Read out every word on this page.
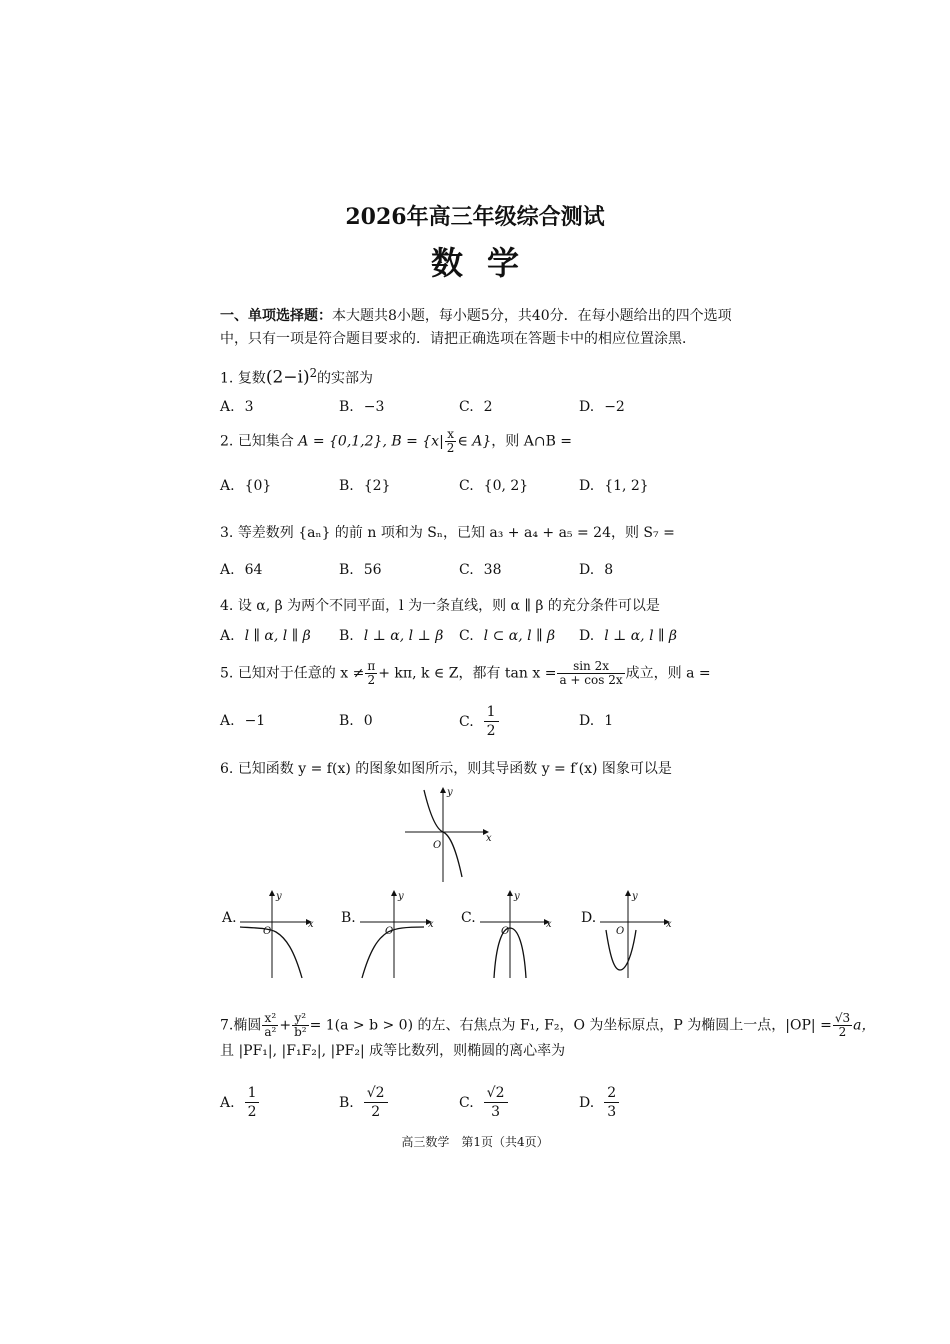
2026年高三年级综合测试
数学
一、单项选择题：本大题共8小题，每小题5分，共40分．在每小题给出的四个选项中，只有一项是符合题目要求的．请把正确选项在答题卡中的相应位置涂黑．
1. 复数$(2-i)^2$的实部为
A. 3	B. −3	C. 2	D. −2
2. 已知集合 A = {0,1,2}, $B = \{x| \frac{x}{2}$ ∈ A}，则 A∩B =
A. {0}	B. {2}	C. {0, 2}	D. {1, 2}
3. 等差数列 {aₙ} 的前 n 项和为 Sₙ，已知 a₃ + a₄ + a₅ = 24，则 S₇ =
A. 64	B. 56	C. 38	D. 8
4. 设 α, β 为两个不同平面，l 为一条直线，则 α ∥ β 的充分条件可以是
A. l ∥ α, l ∥ β B. l ⊥ α, l ⊥ β C. l ⊂ α, l ∥ β D. l ⊥ α, l ∥ β
5. 已知对于任意的 $x \ne \frac{\pi}{2} + k\pi$, k ∈ Z，都有 $\tan x = \frac{\sin 2x}{a + \cos 2x}$ 成立，则 a =
A. −1	B. 0	C. $\frac{1}{2}$	D. 1
6. 已知函数 y = f(x) 的图象如图所示，则其导函数 y = f′(x) 图象可以是
x
y
O
A.	x
y
O
B.	x
y
O
C.	x
y
O
D.	x
y
O
7.椭圆 $\frac{\text{x²}}{\text{a²}} + \frac{\text{y²}}{\text{b²}} = 1(a > b > 0)$ 的左、右焦点为 F₁, F₂，O 为坐标原点，P 为椭圆上一点，$|OP| = \frac{√3}{2}$ a，
且 |PF₁|, |F₁F₂|, |PF₂| 成等比数列，则椭圆的离心率为
A. $\frac{1}{2}$	B. $\frac{√2}{2}$	C. $\frac{√2}{3}$	D. $\frac{2}{3}$
高三数学　第1页（共4页）
